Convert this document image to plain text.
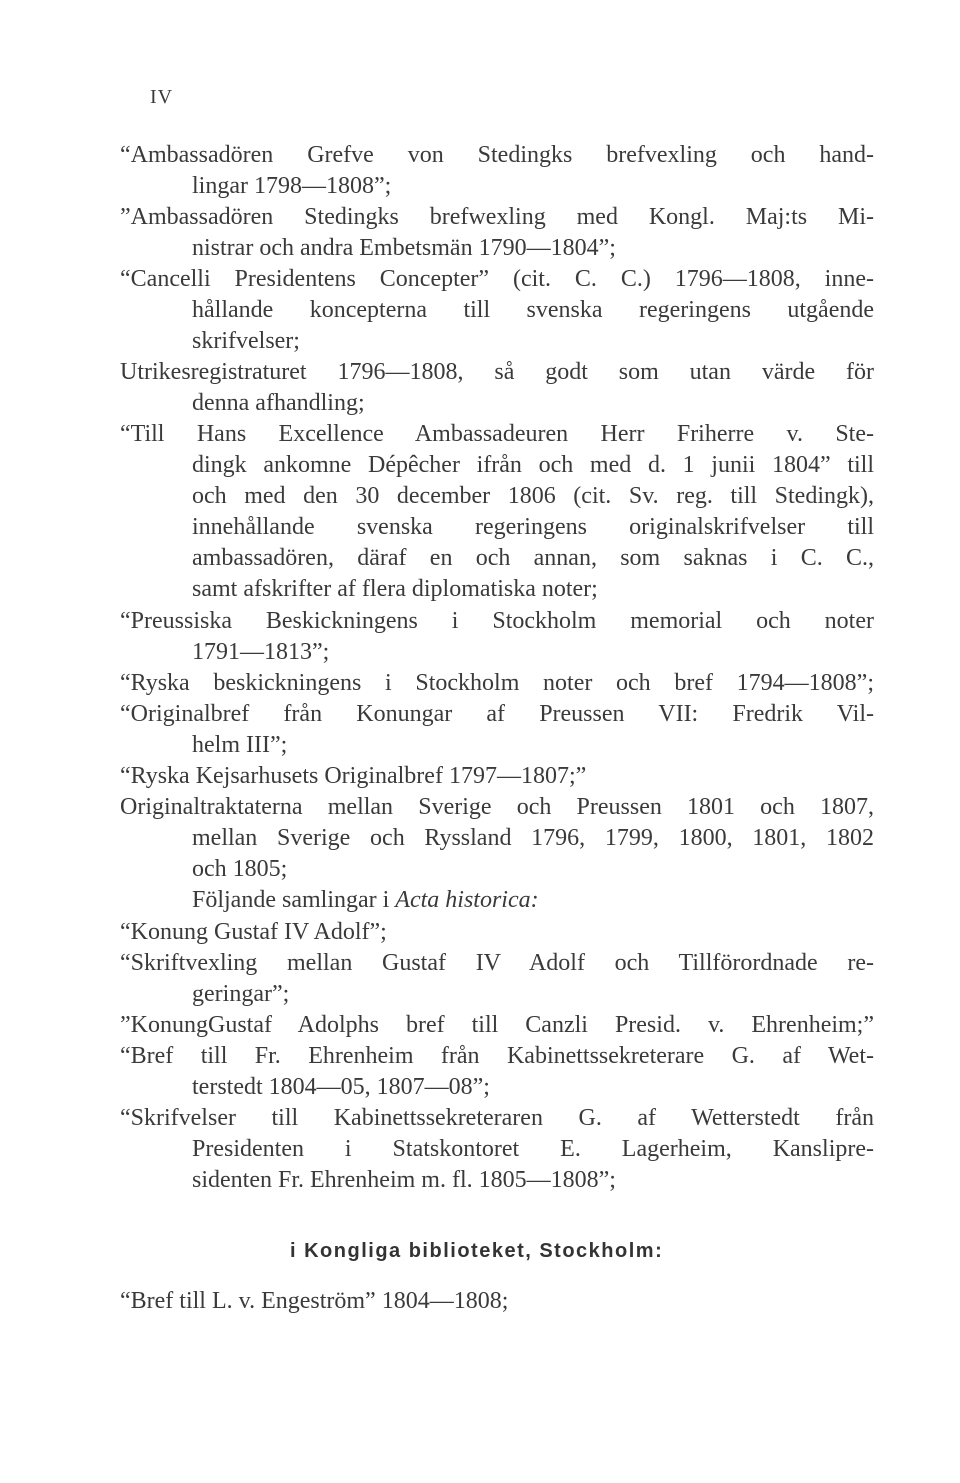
IV

“Ambassadören Grefve von Stedingks brefvexling och hand-

lingar 1798—1808”;

”Ambassadören Stedingks brefwexling med Kongl. Maj:ts Mi-

nistrar och andra Embetsmän 1790—1804”;

“Cancelli Presidentens Concepter” (cit. C. C.) 1796—1808, inne-

hållande koncepterna till svenska regeringens utgående

skrifvelser;

Utrikesregistraturet 1796—1808, så godt som utan värde för

denna afhandling;

“Till Hans Excellence Ambassadeuren Herr Friherre v. Ste-

dingk ankomne Dépêcher ifrån och med d. 1 junii 1804” till

och med den 30 december 1806 (cit. Sv. reg. till Stedingk),

innehållande svenska regeringens originalskrifvelser till

ambassadören, däraf en och annan, som saknas i C. C.,

samt afskrifter af flera diplomatiska noter;

“Preussiska Beskickningens i Stockholm memorial och noter

1791—1813”;

“Ryska beskickningens i Stockholm noter och bref 1794—1808”;

“Originalbref från Konungar af Preussen VII: Fredrik Vil-

helm III”;

“Ryska Kejsarhusets Originalbref 1797—1807;”

Originaltraktaterna mellan Sverige och Preussen 1801 och 1807,

mellan Sverige och Ryssland 1796, 1799, 1800, 1801, 1802

och 1805;

Följande samlingar i Acta historica:

“Konung Gustaf IV Adolf”;

“Skriftvexling mellan Gustaf IV Adolf och Tillförordnade re-

geringar”;

”KonungGustaf Adolphs bref till Canzli Presid. v. Ehrenheim;”

“Bref till Fr. Ehrenheim från Kabinettssekreterare G. af Wet-

terstedt 1804—05, 1807—08”;

“Skrifvelser till Kabinettssekreteraren G. af Wetterstedt från

Presidenten i Statskontoret E. Lagerheim, Kanslipre-

sidenten Fr. Ehrenheim m. fl. 1805—1808”;

i Kongliga biblioteket, Stockholm:

“Bref till L. v. Engeström” 1804—1808;
